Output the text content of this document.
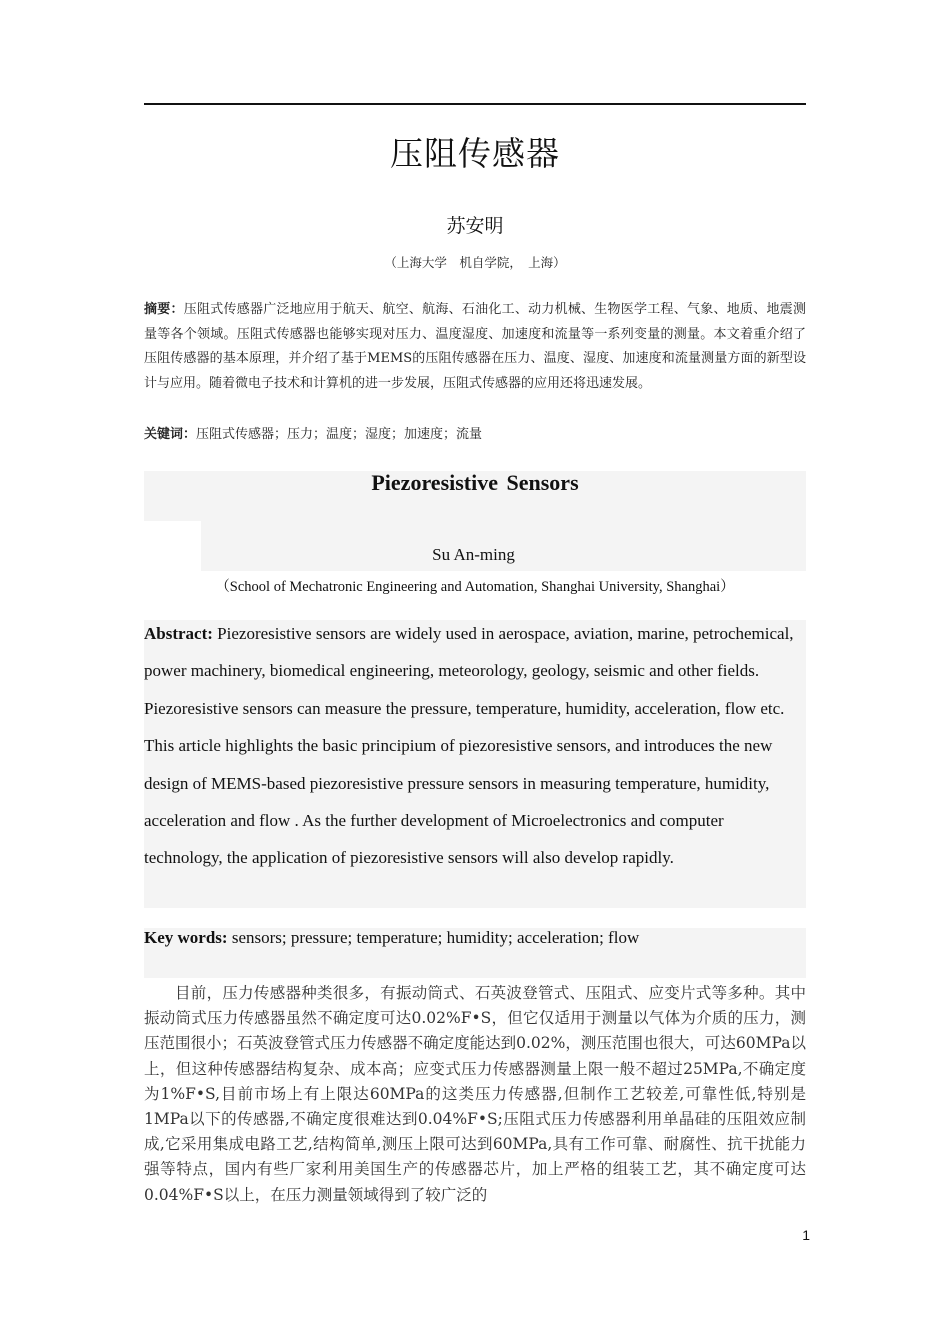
压阻传感器
苏安明
（上海大学　机自学院，　上海）
摘要：压阻式传感器广泛地应用于航天、航空、航海、石油化工、动力机械、生物医学工程、气象、地质、地震测量等各个领域。压阻式传感器也能够实现对压力、温度湿度、加速度和流量等一系列变量的测量。本文着重介绍了压阻传感器的基本原理，并介绍了基于MEMS的压阻传感器在压力、温度、湿度、加速度和流量测量方面的新型设计与应用。随着微电子技术和计算机的进一步发展，压阻式传感器的应用还将迅速发展。
关键词：压阻式传感器；压力；温度；湿度；加速度；流量
Piezoresistive Sensors
Su An-ming
（School of Mechatronic Engineering and Automation, Shanghai University, Shanghai）
Abstract: Piezoresistive sensors are widely used in aerospace, aviation, marine, petrochemical, power machinery, biomedical engineering, meteorology, geology, seismic and other fields. Piezoresistive sensors can measure the pressure, temperature, humidity, acceleration, flow etc. This article highlights the basic principium of piezoresistive sensors, and introduces the new design of MEMS-based piezoresistive pressure sensors in measuring temperature, humidity, acceleration and flow . As the further development of Microelectronics and computer technology, the application of piezoresistive sensors will also develop rapidly.
Key words: sensors; pressure; temperature; humidity; acceleration; flow
目前，压力传感器种类很多，有振动筒式、石英波登管式、压阻式、应变片式等多种。其中振动筒式压力传感器虽然不确定度可达0.02%F•S，但它仅适用于测量以气体为介质的压力，测压范围很小；石英波登管式压力传感器不确定度能达到0.02%，测压范围也很大，可达60MPa以上，但这种传感器结构复杂、成本高；应变式压力传感器测量上限一般不超过25MPa,不确定度为1%F•S,目前市场上有上限达60MPa的这类压力传感器,但制作工艺较差,可靠性低,特别是1MPa以下的传感器,不确定度很难达到0.04%F•S;压阻式压力传感器利用单晶硅的压阻效应制成,它采用集成电路工艺,结构简单,测压上限可达到60MPa,具有工作可靠、耐腐性、抗干扰能力强等特点，国内有些厂家利用美国生产的传感器芯片，加上严格的组装工艺，其不确定度可达0.04%F•S以上，在压力测量领域得到了较广泛的
1
